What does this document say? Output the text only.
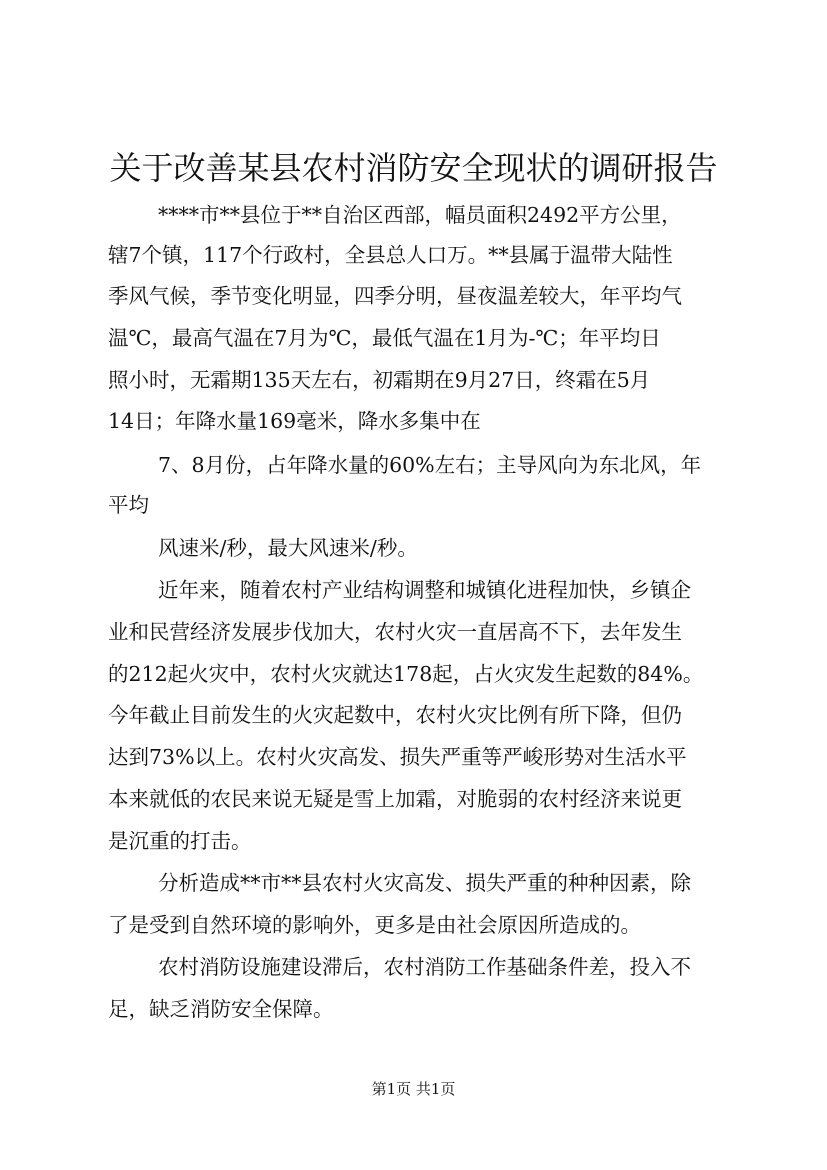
关于改善某县农村消防安全现状的调研报告
****市**县位于**自治区西部，幅员面积2492平方公里，
辖7个镇，117个行政村，全县总人口万。**县属于温带大陆性
季风气候，季节变化明显，四季分明，昼夜温差较大，年平均气
温℃，最高气温在7月为℃，最低气温在1月为-℃；年平均日
照小时，无霜期135天左右，初霜期在9月27日，终霜在5月
14日；年降水量169毫米，降水多集中在
7、8月份，占年降水量的60%左右；主导风向为东北风，年
平均
风速米/秒，最大风速米/秒。
近年来，随着农村产业结构调整和城镇化进程加快，乡镇企
业和民营经济发展步伐加大，农村火灾一直居高不下，去年发生
的212起火灾中，农村火灾就达178起，占火灾发生起数的84%。
今年截止目前发生的火灾起数中，农村火灾比例有所下降，但仍
达到73%以上。农村火灾高发、损失严重等严峻形势对生活水平
本来就低的农民来说无疑是雪上加霜，对脆弱的农村经济来说更
是沉重的打击。
分析造成**市**县农村火灾高发、损失严重的种种因素，除
了是受到自然环境的影响外，更多是由社会原因所造成的。
农村消防设施建设滞后，农村消防工作基础条件差，投入不
足，缺乏消防安全保障。
第1页 共1页
